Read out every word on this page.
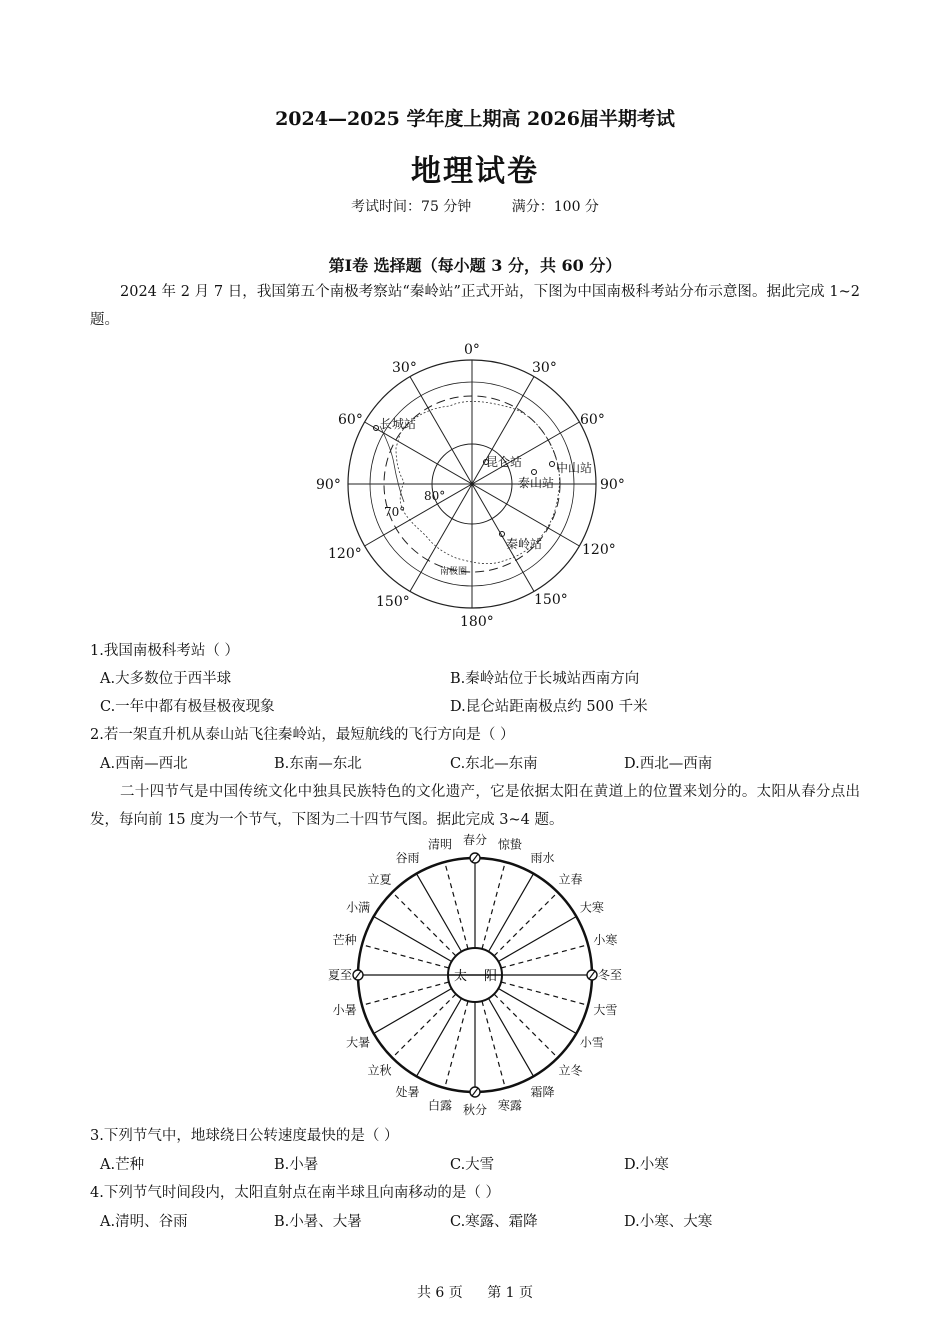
2024—2025 学年度上期高 2026届半期考试
地理试卷
考试时间：75 分钟	满分：100 分
第Ⅰ卷 选择题（每小题 3 分，共 60 分）
2024 年 2 月 7 日，我国第五个南极考察站“秦岭站”正式开站，下图为中国南极科考站分布示意图。据此完成 1~2 题。
0°
30°	30°
60°	60°
90°	90°
120°	120°
150°	150°
180°
80°
70°
长城站
昆仑站	中山站
泰山站
秦岭站
南极圈
1.我国南极科考站（ ）
A.大多数位于西半球	B.秦岭站位于长城站西南方向
C.一年中都有极昼极夜现象	D.昆仑站距南极点约 500 千米
2.若一架直升机从泰山站飞往秦岭站，最短航线的飞行方向是（ ）
A.西南—西北	B.东南—东北	C.东北—东南	D.西北—西南
二十四节气是中国传统文化中独具民族特色的文化遗产，它是依据太阳在黄道上的位置来划分的。太阳从春分点出发，每向前 15 度为一个节气，下图为二十四节气图。据此完成 3~4 题。
太 阳
春分 惊蛰
雨水
立春
大寒
小寒
冬至
大雪
小雪
立冬
霜降
寒露
秋分
白露
处暑
立秋
大暑
小暑
夏至
芒种
小满
立夏
谷雨
清明
3.下列节气中，地球绕日公转速度最快的是（ ）
A.芒种	B.小暑	C.大雪	D.小寒
4.下列节气时间段内，太阳直射点在南半球且向南移动的是（ ）
A.清明、谷雨	B.小暑、大暑	C.寒露、霜降	D.小寒、大寒
共 6 页 第 1 页
